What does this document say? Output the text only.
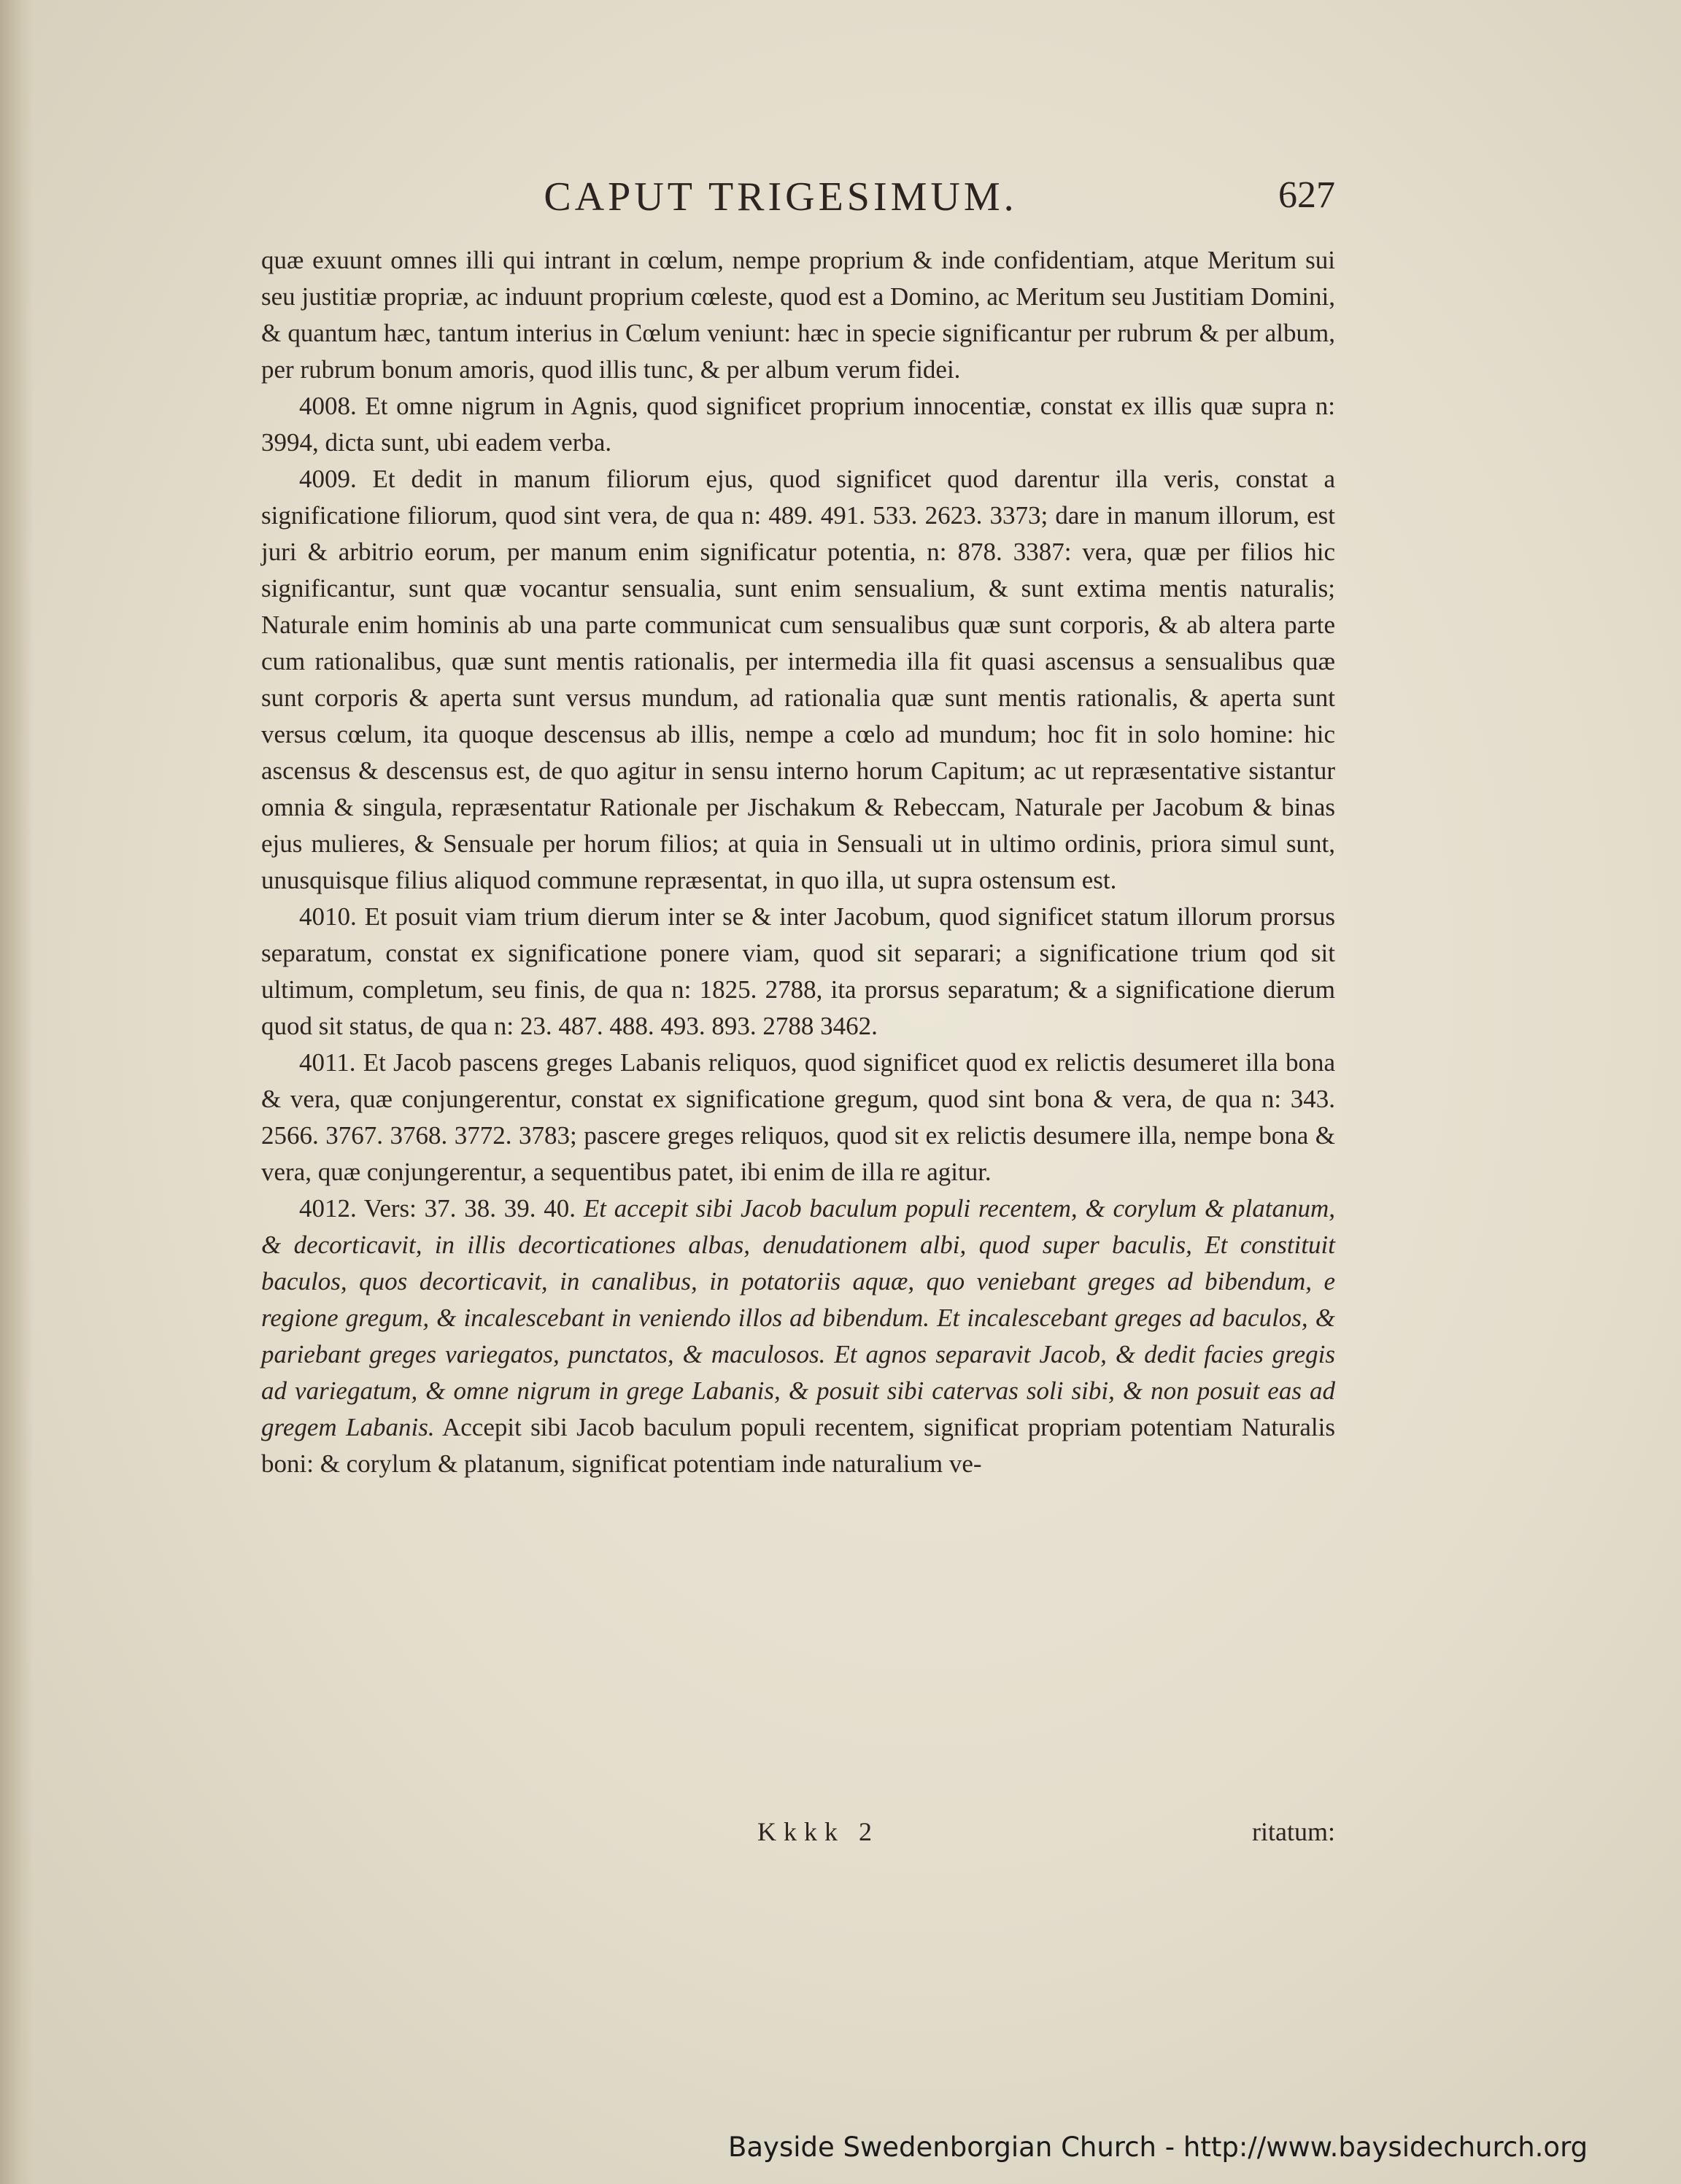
CAPUT TRIGESIMUM.	627

quæ exuunt omnes illi qui intrant in cœlum, nempe proprium & inde confidentiam, atque Meritum sui seu justitiæ propriæ, ac induunt proprium cœleste, quod est a Domino, ac Meritum seu Justitiam Domini, & quantum hæc, tantum interius in Cœlum veniunt: hæc in specie significantur per rubrum & per album, per rubrum bonum amoris, quod illis tunc, & per album verum fidei.

4008. Et omne nigrum in Agnis, quod significet proprium innocentiæ, constat ex illis quæ supra n: 3994, dicta sunt, ubi eadem verba.

4009. Et dedit in manum filiorum ejus, quod significet quod darentur illa veris, constat a significatione filiorum, quod sint vera, de qua n: 489. 491. 533. 2623. 3373; dare in manum illorum, est juri & arbitrio eorum, per manum enim significatur potentia, n: 878. 3387: vera, quæ per filios hic significantur, sunt quæ vocantur sensualia, sunt enim sensualium, & sunt extima mentis naturalis; Naturale enim hominis ab una parte communicat cum sensualibus quæ sunt corporis, & ab altera parte cum rationalibus, quæ sunt mentis rationalis, per intermedia illa fit quasi ascensus a sensualibus quæ sunt corporis & aperta sunt versus mundum, ad rationalia quæ sunt mentis rationalis, & aperta sunt versus cœlum, ita quoque descensus ab illis, nempe a cœlo ad mundum; hoc fit in solo homine: hic ascensus & descensus est, de quo agitur in sensu interno horum Capitum; ac ut repræsentative sistantur omnia & singula, repræsentatur Rationale per Jischakum & Rebeccam, Naturale per Jacobum & binas ejus mulieres, & Sensuale per horum filios; at quia in Sensuali ut in ultimo ordinis, priora simul sunt, unusquisque filius aliquod commune repræsentat, in quo illa, ut supra ostensum est.

4010. Et posuit viam trium dierum inter se & inter Jacobum, quod significet statum illorum prorsus separatum, constat ex significatione ponere viam, quod sit separari; a significatione trium qod sit ultimum, completum, seu finis, de qua n: 1825. 2788, ita prorsus separatum; & a significatione dierum quod sit status, de qua n: 23. 487. 488. 493. 893. 2788 3462.

4011. Et Jacob pascens greges Labanis reliquos, quod significet quod ex relictis desumeret illa bona & vera, quæ conjungerentur, constat ex significatione gregum, quod sint bona & vera, de qua n: 343. 2566. 3767. 3768. 3772. 3783; pascere greges reliquos, quod sit ex relictis desumere illa, nempe bona & vera, quæ conjungerentur, a sequentibus patet, ibi enim de illa re agitur.

4012. Vers: 37. 38. 39. 40. Et accepit sibi Jacob baculum populi recentem, & corylum & platanum, & decorticavit, in illis decorticationes albas, denudationem albi, quod super baculis, Et constituit baculos, quos decorticavit, in canalibus, in potatoriis aquæ, quo veniebant greges ad bibendum, e regione gregum, & incalescebant in veniendo illos ad bibendum. Et incalescebant greges ad baculos, & pariebant greges variegatos, punctatos, & maculosos. Et agnos separavit Jacob, & dedit facies gregis ad variegatum, & omne nigrum in grege Labanis, & posuit sibi catervas soli sibi, & non posuit eas ad gregem Labanis. Accepit sibi Jacob baculum populi recentem, significat propriam potentiam Naturalis boni: & corylum & platanum, significat potentiam inde naturalium ve-

Kkkk 2	ritatum:
Bayside Swedenborgian Church - http://www.baysidechurch.org
